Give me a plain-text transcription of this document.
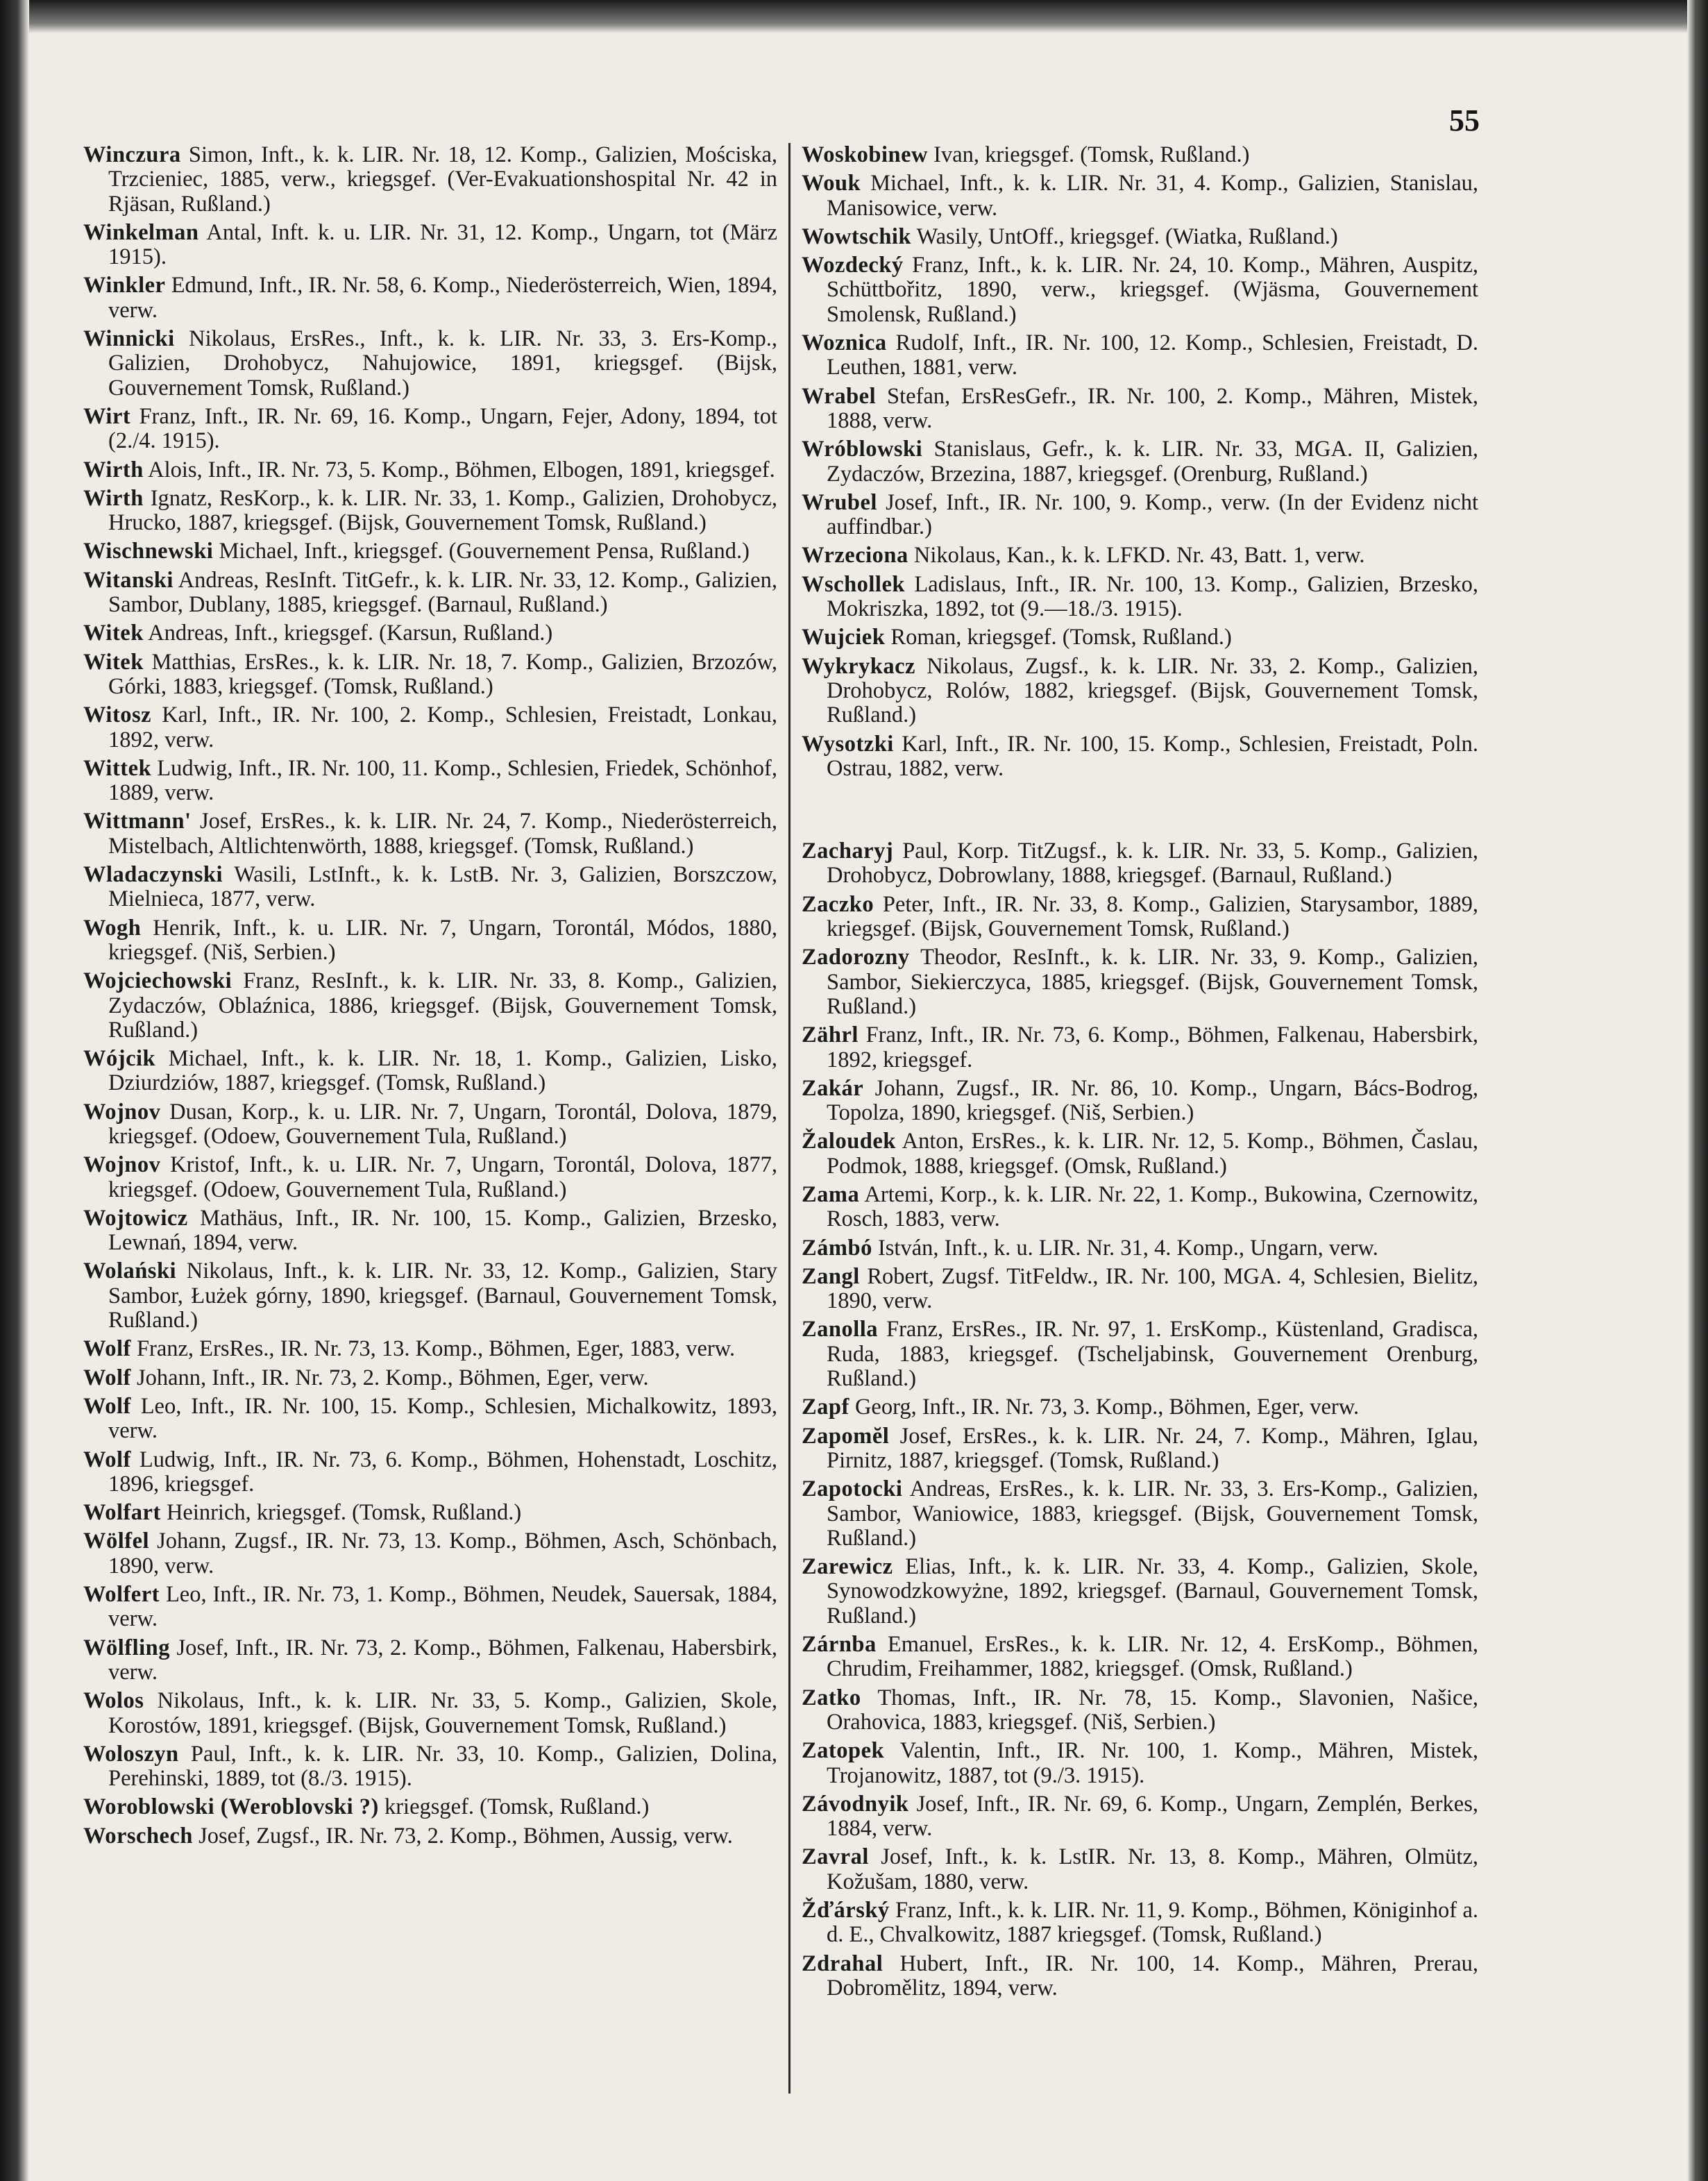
55

Winczura Simon, Inft., k. k. LIR. Nr. 18, 12. Komp., Galizien, Mościska, Trzcieniec, 1885, verw., kriegsgef. (Ver-Evakuationshospital Nr. 42 in Rjäsan, Rußland.)

Winkelman Antal, Inft. k. u. LIR. Nr. 31, 12. Komp., Ungarn, tot (März 1915).

Winkler Edmund, Inft., IR. Nr. 58, 6. Komp., Niederösterreich, Wien, 1894, verw.

Winnicki Nikolaus, ErsRes., Inft., k. k. LIR. Nr. 33, 3. Ers-Komp., Galizien, Drohobycz, Nahujowice, 1891, kriegsgef. (Bijsk, Gouvernement Tomsk, Rußland.)

Wirt Franz, Inft., IR. Nr. 69, 16. Komp., Ungarn, Fejer, Adony, 1894, tot (2./4. 1915).

Wirth Alois, Inft., IR. Nr. 73, 5. Komp., Böhmen, Elbogen, 1891, kriegsgef.

Wirth Ignatz, ResKorp., k. k. LIR. Nr. 33, 1. Komp., Galizien, Drohobycz, Hrucko, 1887, kriegsgef. (Bijsk, Gouvernement Tomsk, Rußland.)

Wischnewski Michael, Inft., kriegsgef. (Gouvernement Pensa, Rußland.)

Witanski Andreas, ResInft. TitGefr., k. k. LIR. Nr. 33, 12. Komp., Galizien, Sambor, Dublany, 1885, kriegsgef. (Barnaul, Rußland.)

Witek Andreas, Inft., kriegsgef. (Karsun, Rußland.)

Witek Matthias, ErsRes., k. k. LIR. Nr. 18, 7. Komp., Galizien, Brzozów, Górki, 1883, kriegsgef. (Tomsk, Rußland.)

Witosz Karl, Inft., IR. Nr. 100, 2. Komp., Schlesien, Freistadt, Lonkau, 1892, verw.

Wittek Ludwig, Inft., IR. Nr. 100, 11. Komp., Schlesien, Friedek, Schönhof, 1889, verw.

Wittmann' Josef, ErsRes., k. k. LIR. Nr. 24, 7. Komp., Niederösterreich, Mistelbach, Altlichtenwörth, 1888, kriegsgef. (Tomsk, Rußland.)

Wladaczynski Wasili, LstInft., k. k. LstB. Nr. 3, Galizien, Borszczow, Mielnieca, 1877, verw.

Wogh Henrik, Inft., k. u. LIR. Nr. 7, Ungarn, Torontál, Módos, 1880, kriegsgef. (Niš, Serbien.)

Wojciechowski Franz, ResInft., k. k. LIR. Nr. 33, 8. Komp., Galizien, Zydaczów, Oblaźnica, 1886, kriegsgef. (Bijsk, Gouvernement Tomsk, Rußland.)

Wójcik Michael, Inft., k. k. LIR. Nr. 18, 1. Komp., Galizien, Lisko, Dziurdziów, 1887, kriegsgef. (Tomsk, Rußland.)

Wojnov Dusan, Korp., k. u. LIR. Nr. 7, Ungarn, Torontál, Dolova, 1879, kriegsgef. (Odoew, Gouvernement Tula, Rußland.)

Wojnov Kristof, Inft., k. u. LIR. Nr. 7, Ungarn, Torontál, Dolova, 1877, kriegsgef. (Odoew, Gouvernement Tula, Rußland.)

Wojtowicz Mathäus, Inft., IR. Nr. 100, 15. Komp., Galizien, Brzesko, Lewnań, 1894, verw.

Wolański Nikolaus, Inft., k. k. LIR. Nr. 33, 12. Komp., Galizien, Stary Sambor, Łużek górny, 1890, kriegsgef. (Barnaul, Gouvernement Tomsk, Rußland.)

Wolf Franz, ErsRes., IR. Nr. 73, 13. Komp., Böhmen, Eger, 1883, verw.

Wolf Johann, Inft., IR. Nr. 73, 2. Komp., Böhmen, Eger, verw.

Wolf Leo, Inft., IR. Nr. 100, 15. Komp., Schlesien, Michalkowitz, 1893, verw.

Wolf Ludwig, Inft., IR. Nr. 73, 6. Komp., Böhmen, Hohenstadt, Loschitz, 1896, kriegsgef.

Wolfart Heinrich, kriegsgef. (Tomsk, Rußland.)

Wölfel Johann, Zugsf., IR. Nr. 73, 13. Komp., Böhmen, Asch, Schönbach, 1890, verw.

Wolfert Leo, Inft., IR. Nr. 73, 1. Komp., Böhmen, Neudek, Sauersak, 1884, verw.

Wölfling Josef, Inft., IR. Nr. 73, 2. Komp., Böhmen, Falkenau, Habersbirk, verw.

Wolos Nikolaus, Inft., k. k. LIR. Nr. 33, 5. Komp., Galizien, Skole, Korostów, 1891, kriegsgef. (Bijsk, Gouvernement Tomsk, Rußland.)

Woloszyn Paul, Inft., k. k. LIR. Nr. 33, 10. Komp., Galizien, Dolina, Perehinski, 1889, tot (8./3. 1915).

Woroblowski (Weroblovski ?) kriegsgef. (Tomsk, Rußland.)

Worschech Josef, Zugsf., IR. Nr. 73, 2. Komp., Böhmen, Aussig, verw.

Woskobinew Ivan, kriegsgef. (Tomsk, Rußland.)

Wouk Michael, Inft., k. k. LIR. Nr. 31, 4. Komp., Galizien, Stanislau, Manisowice, verw.

Wowtschik Wasily, UntOff., kriegsgef. (Wiatka, Rußland.)

Wozdecký Franz, Inft., k. k. LIR. Nr. 24, 10. Komp., Mähren, Auspitz, Schüttbořitz, 1890, verw., kriegsgef. (Wjäsma, Gouvernement Smolensk, Rußland.)

Woznica Rudolf, Inft., IR. Nr. 100, 12. Komp., Schlesien, Freistadt, D. Leuthen, 1881, verw.

Wrabel Stefan, ErsResGefr., IR. Nr. 100, 2. Komp., Mähren, Mistek, 1888, verw.

Wróblowski Stanislaus, Gefr., k. k. LIR. Nr. 33, MGA. II, Galizien, Zydaczów, Brzezina, 1887, kriegsgef. (Orenburg, Rußland.)

Wrubel Josef, Inft., IR. Nr. 100, 9. Komp., verw. (In der Evidenz nicht auffindbar.)

Wrzeciona Nikolaus, Kan., k. k. LFKD. Nr. 43, Batt. 1, verw.

Wschollek Ladislaus, Inft., IR. Nr. 100, 13. Komp., Galizien, Brzesko, Mokriszka, 1892, tot (9.—18./3. 1915).

Wujciek Roman, kriegsgef. (Tomsk, Rußland.)

Wykrykacz Nikolaus, Zugsf., k. k. LIR. Nr. 33, 2. Komp., Galizien, Drohobycz, Rolów, 1882, kriegsgef. (Bijsk, Gouvernement Tomsk, Rußland.)

Wysotzki Karl, Inft., IR. Nr. 100, 15. Komp., Schlesien, Freistadt, Poln. Ostrau, 1882, verw.

Zacharyj Paul, Korp. TitZugsf., k. k. LIR. Nr. 33, 5. Komp., Galizien, Drohobycz, Dobrowlany, 1888, kriegsgef. (Barnaul, Rußland.)

Zaczko Peter, Inft., IR. Nr. 33, 8. Komp., Galizien, Starysambor, 1889, kriegsgef. (Bijsk, Gouvernement Tomsk, Rußland.)

Zadorozny Theodor, ResInft., k. k. LIR. Nr. 33, 9. Komp., Galizien, Sambor, Siekierczyca, 1885, kriegsgef. (Bijsk, Gouvernement Tomsk, Rußland.)

Zährl Franz, Inft., IR. Nr. 73, 6. Komp., Böhmen, Falkenau, Habersbirk, 1892, kriegsgef.

Zakár Johann, Zugsf., IR. Nr. 86, 10. Komp., Ungarn, Bács-Bodrog, Topolza, 1890, kriegsgef. (Niš, Serbien.)

Žaloudek Anton, ErsRes., k. k. LIR. Nr. 12, 5. Komp., Böhmen, Časlau, Podmok, 1888, kriegsgef. (Omsk, Rußland.)

Zama Artemi, Korp., k. k. LIR. Nr. 22, 1. Komp., Bukowina, Czernowitz, Rosch, 1883, verw.

Zámbó István, Inft., k. u. LIR. Nr. 31, 4. Komp., Ungarn, verw.

Zangl Robert, Zugsf. TitFeldw., IR. Nr. 100, MGA. 4, Schlesien, Bielitz, 1890, verw.

Zanolla Franz, ErsRes., IR. Nr. 97, 1. ErsKomp., Küstenland, Gradisca, Ruda, 1883, kriegsgef. (Tscheljabinsk, Gouvernement Orenburg, Rußland.)

Zapf Georg, Inft., IR. Nr. 73, 3. Komp., Böhmen, Eger, verw.

Zapomĕl Josef, ErsRes., k. k. LIR. Nr. 24, 7. Komp., Mähren, Iglau, Pirnitz, 1887, kriegsgef. (Tomsk, Rußland.)

Zapotocki Andreas, ErsRes., k. k. LIR. Nr. 33, 3. Ers-Komp., Galizien, Sambor, Waniowice, 1883, kriegsgef. (Bijsk, Gouvernement Tomsk, Rußland.)

Zarewicz Elias, Inft., k. k. LIR. Nr. 33, 4. Komp., Galizien, Skole, Synowodzkowyżne, 1892, kriegsgef. (Barnaul, Gouvernement Tomsk, Rußland.)

Zárnba Emanuel, ErsRes., k. k. LIR. Nr. 12, 4. ErsKomp., Böhmen, Chrudim, Freihammer, 1882, kriegsgef. (Omsk, Rußland.)

Zatko Thomas, Inft., IR. Nr. 78, 15. Komp., Slavonien, Našice, Orahovica, 1883, kriegsgef. (Niš, Serbien.)

Zatopek Valentin, Inft., IR. Nr. 100, 1. Komp., Mähren, Mistek, Trojanowitz, 1887, tot (9./3. 1915).

Závodnyik Josef, Inft., IR. Nr. 69, 6. Komp., Ungarn, Zemplén, Berkes, 1884, verw.

Zavral Josef, Inft., k. k. LstIR. Nr. 13, 8. Komp., Mähren, Olmütz, Kožušam, 1880, verw.

Žďárský Franz, Inft., k. k. LIR. Nr. 11, 9. Komp., Böhmen, Königinhof a. d. E., Chvalkowitz, 1887 kriegsgef. (Tomsk, Rußland.)

Zdrahal Hubert, Inft., IR. Nr. 100, 14. Komp., Mähren, Prerau, Dobromělitz, 1894, verw.
